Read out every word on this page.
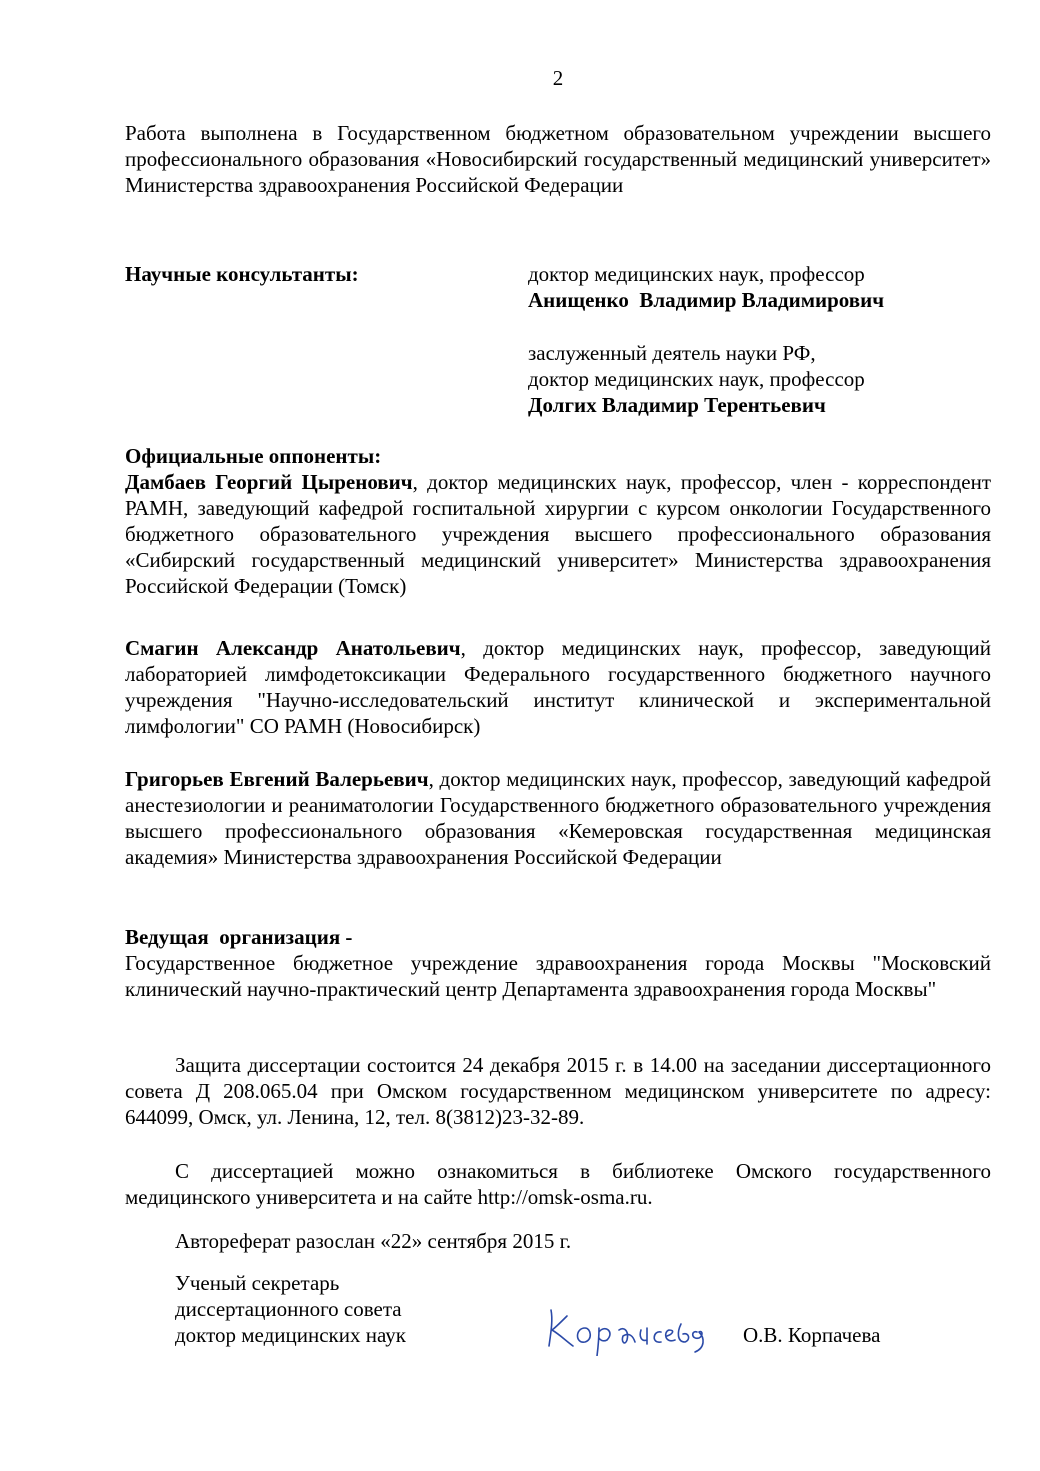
2

Работа выполнена в Государственном бюджетном образовательном учреждении высшего профессионального образования «Новосибирский государственный медицинский университет» Министерства здравоохранения Российской Федерации

Научные консультанты:	доктор медицинских наук, профессор
Анищенко  Владимир Владимирович
заслуженный деятель науки РФ,
доктор медицинских наук, профессор
Долгих Владимир Терентьевич
Официальные оппоненты:

Дамбаев Георгий Цыренович, доктор медицинских наук, профессор, член - корреспондент РАМН, заведующий кафедрой госпитальной хирургии с курсом онкологии Государственного бюджетного образовательного учреждения высшего профессионального образования «Сибирский государственный медицинский университет» Министерства здравоохранения Российской Федерации (Томск)

Смагин Александр Анатольевич, доктор медицинских наук, профессор, заведующий лабораторией лимфодетоксикации Федерального государственного бюджетного научного учреждения "Научно-исследовательский институт клинической и экспериментальной лимфологии" СО РАМН (Новосибирск)

Григорьев Евгений Валерьевич, доктор медицинских наук, профессор, заведующий кафедрой анестезиологии и реаниматологии Государственного бюджетного образовательного учреждения высшего профессионального образования «Кемеровская государственная медицинская академия» Министерства здравоохранения Российской Федерации

Ведущая  организация -

Государственное бюджетное учреждение здравоохранения города Москвы "Московский клинический научно-практический центр Департамента здравоохранения города Москвы"

Защита диссертации состоится 24 декабря 2015 г. в 14.00 на заседании диссертационного совета Д 208.065.04 при Омском государственном медицинском университете по адресу: 644099, Омск, ул. Ленина, 12, тел. 8(3812)23-32-89.

С диссертацией можно ознакомиться в библиотеке Омского государственного медицинского университета и на сайте http://omsk-osma.ru.

Автореферат разослан «22» сентября 2015 г.

Ученый секретарь
диссертационного совета
доктор медицинских наук	О.В. Корпачева
